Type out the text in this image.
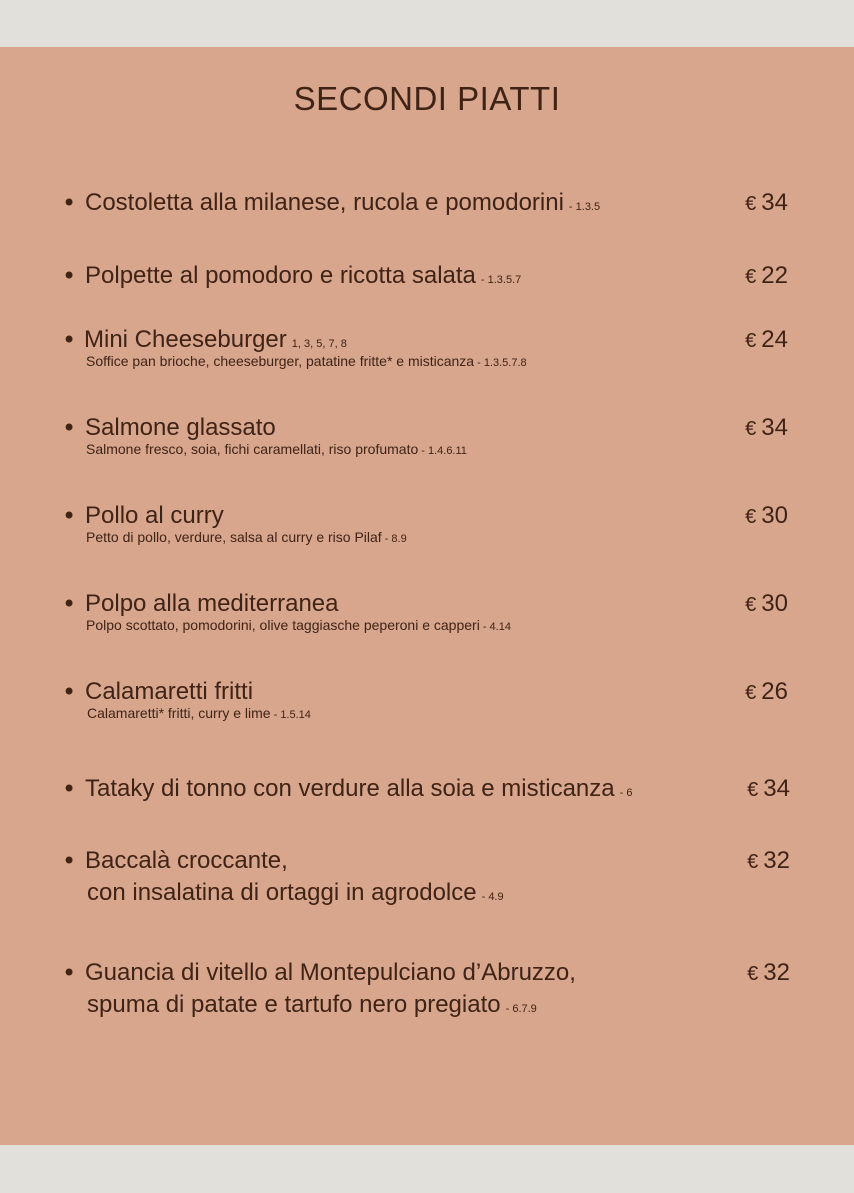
SECONDI PIATTI
• Costoletta alla milanese, rucola e pomodorini - 1.3.5	€ 34
• Polpette al pomodoro e ricotta salata - 1.3.5.7	€ 22
• Mini Cheeseburger 1, 3, 5, 7, 8
Soffice pan brioche, cheeseburger, patatine fritte* e misticanza - 1.3.5.7.8
€ 24
• Salmone glassato
Salmone fresco, soia, fichi caramellati, riso profumato - 1.4.6.11
€ 34
• Pollo al curry
Petto di pollo, verdure, salsa al curry e riso Pilaf - 8.9
€ 30
• Polpo alla mediterranea
Polpo scottato, pomodorini, olive taggiasche peperoni e capperi - 4.14
€ 30
• Calamaretti fritti
Calamaretti* fritti, curry e lime - 1.5.14
€ 26
• Tataky di tonno con verdure alla soia e misticanza - 6	€ 34
• Baccalà croccante,
con insalatina di ortaggi in agrodolce - 4.9
€ 32
• Guancia di vitello al Montepulciano d’Abruzzo,
spuma di patate e tartufo nero pregiato - 6.7.9
€ 32
